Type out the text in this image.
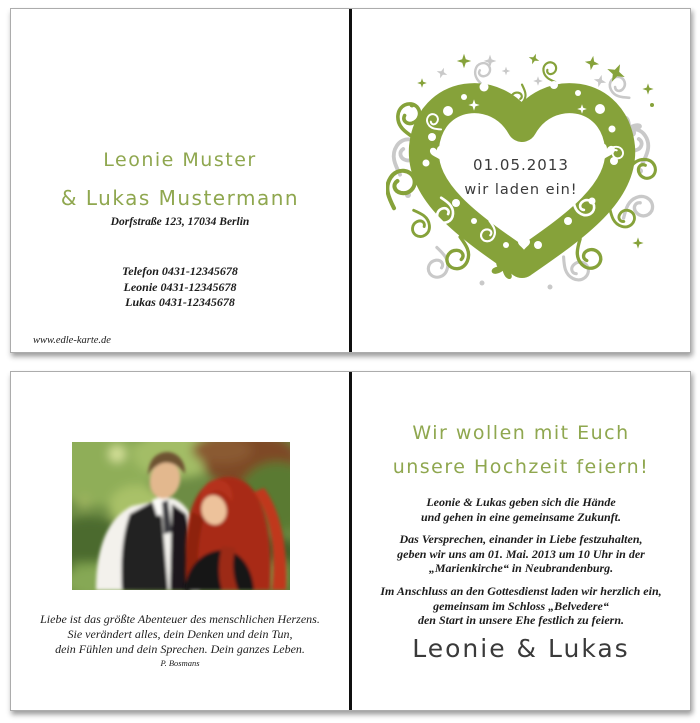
Leonie Muster
& Lukas Mustermann
Dorfstraße 123, 17034 Berlin
Telefon 0431-12345678
Leonie 0431-12345678
Lukas 0431-12345678
www.edle-karte.de
01.05.2013
wir laden ein!
Liebe ist das größte Abenteuer des menschlichen Herzens.
Sie verändert alles, dein Denken und dein Tun,
dein Fühlen und dein Sprechen. Dein ganzes Leben.
P. Bosmans
Wir wollen mit Euch
unsere Hochzeit feiern!
Leonie & Lukas geben sich die Hände
und gehen in eine gemeinsame Zukunft.
Das Versprechen, einander in Liebe festzuhalten,
geben wir uns am 01. Mai. 2013 um 10 Uhr in der
„Marienkirche“ in Neubrandenburg.
Im Anschluss an den Gottesdienst laden wir herzlich ein,
gemeinsam im Schloss „Belvedere“
den Start in unsere Ehe festlich zu feiern.
Leonie & Lukas
